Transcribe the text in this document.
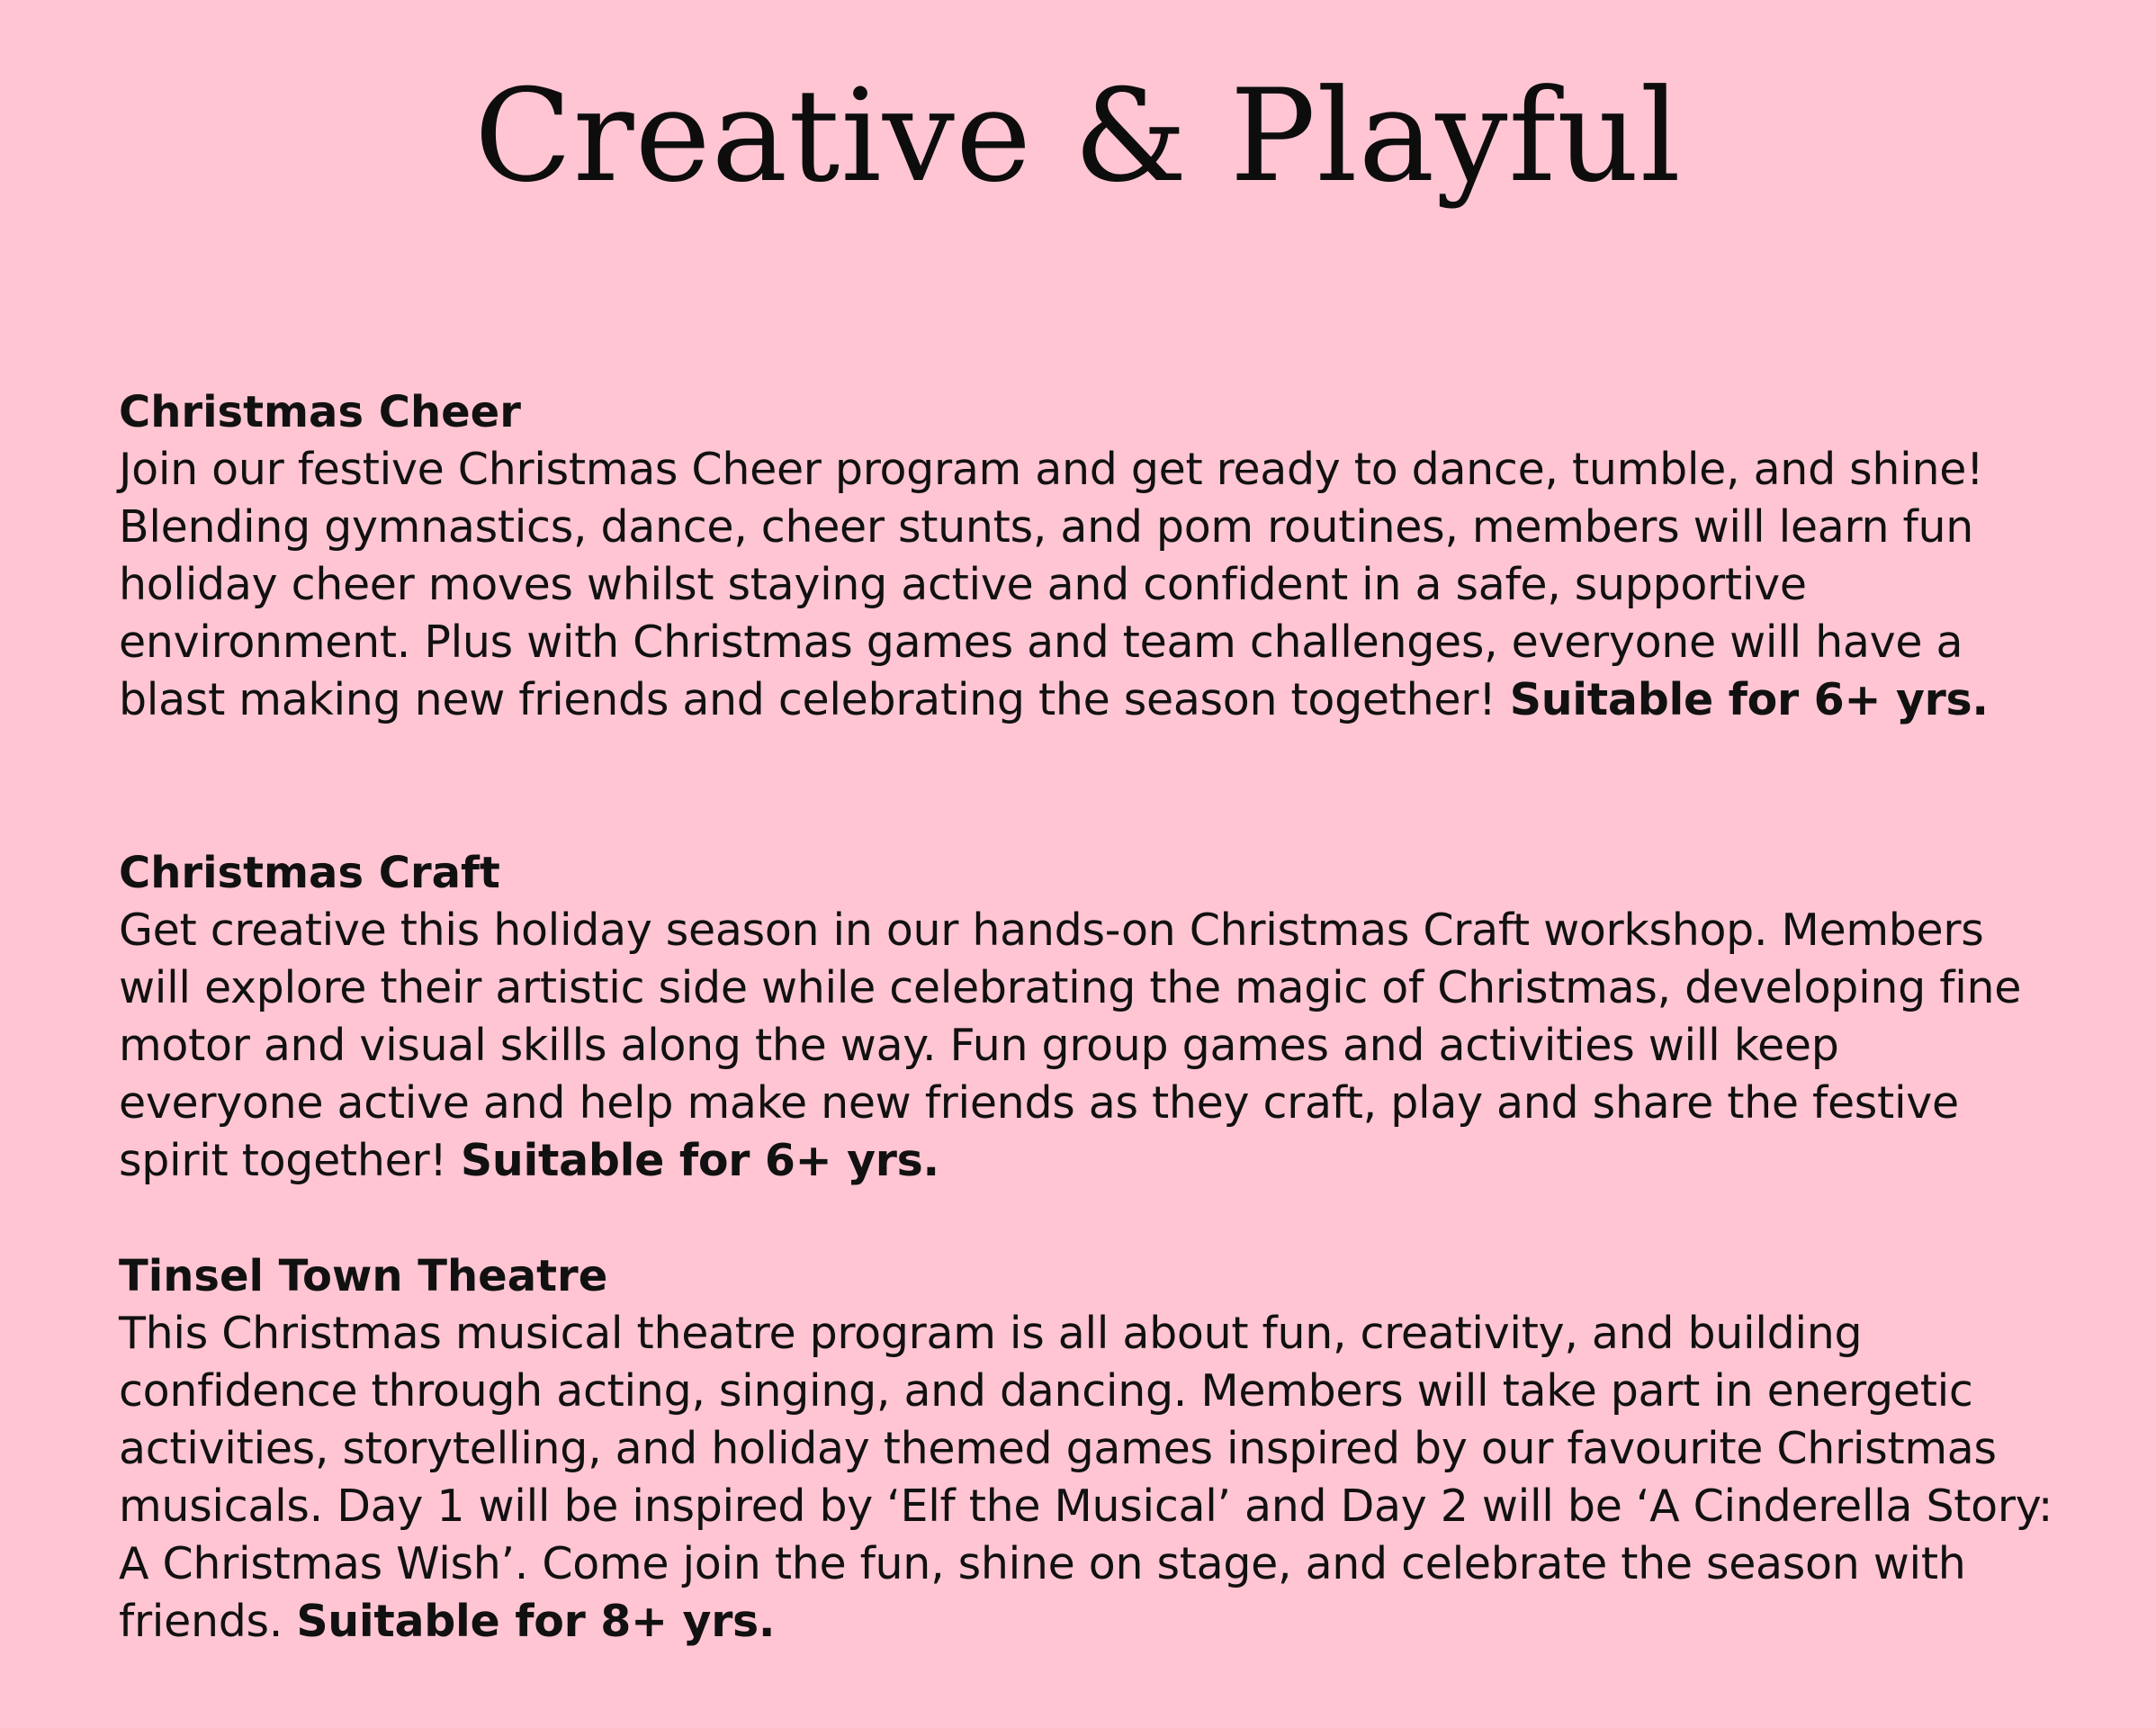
Creative & Playful
Christmas Cheer

Join our festive Christmas Cheer program and get ready to dance, tumble, and shine! Blending gymnastics, dance, cheer stunts, and pom routines, members will learn fun holiday cheer moves whilst staying active and confident in a safe, supportive environment. Plus with Christmas games and team challenges, everyone will have a blast making new friends and celebrating the season together! Suitable for 6+ yrs.

Christmas Craft

Get creative this holiday season in our hands-on Christmas Craft workshop. Members will explore their artistic side while celebrating the magic of Christmas, developing fine motor and visual skills along the way. Fun group games and activities will keep everyone active and help make new friends as they craft, play and share the festive spirit together! Suitable for 6+ yrs.

Tinsel Town Theatre

This Christmas musical theatre program is all about fun, creativity, and building confidence through acting, singing, and dancing. Members will take part in energetic activities, storytelling, and holiday themed games inspired by our favourite Christmas musicals. Day 1 will be inspired by ‘Elf the Musical’ and Day 2 will be ‘A Cinderella Story: A Christmas Wish’. Come join the fun, shine on stage, and celebrate the season with friends. Suitable for 8+ yrs.
